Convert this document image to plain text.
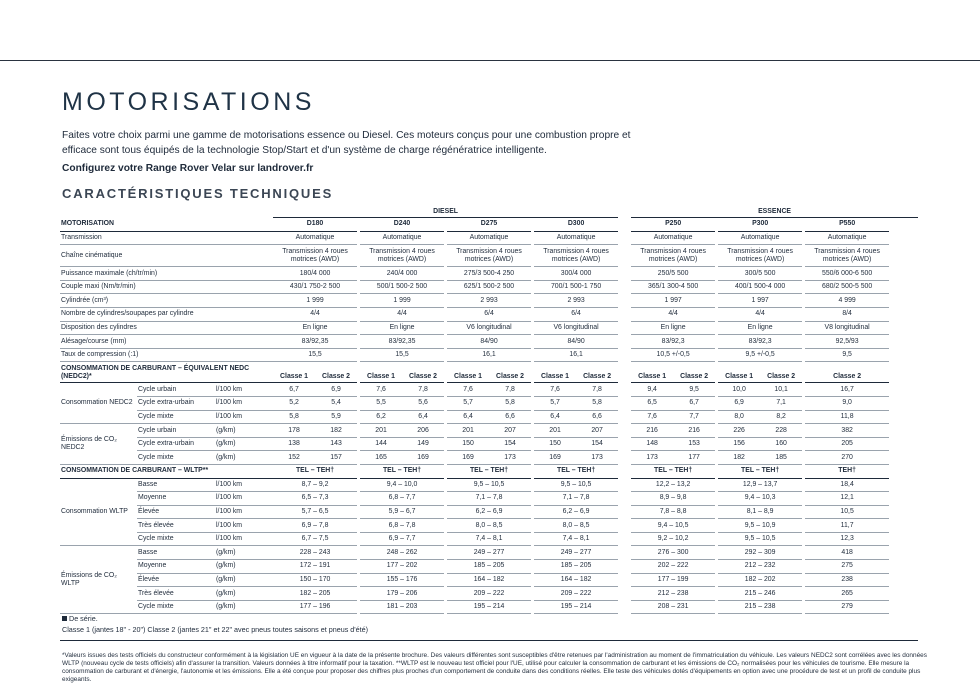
MOTORISATIONS

Faites votre choix parmi une gamme de motorisations essence ou Diesel. Ces moteurs conçus pour une combustion propre et efficace sont tous équipés de la technologie Stop/Start et d'un système de charge régénératrice intelligente.

Configurez votre Range Rover Velar sur landrover.fr

CARACTÉRISTIQUES TECHNIQUES
			DIESEL												ESSENCE						
MOTORISATION			D180			D240			D275			D300			P250			P300			P550
Transmission			Automatique			Automatique			Automatique			Automatique			Automatique			Automatique			Automatique
Chaîne cinématique			Transmission 4 roues motrices (AWD)			Transmission 4 roues motrices (AWD)			Transmission 4 roues motrices (AWD)			Transmission 4 roues motrices (AWD)			Transmission 4 roues motrices (AWD)			Transmission 4 roues motrices (AWD)			Transmission 4 roues motrices (AWD)
Puissance maximale (ch/tr/min)			180/4 000			240/4 000			275/3 500-4 250			300/4 000			250/5 500			300/5 500			550/6 000-6 500
Couple maxi (Nm/tr/min)			430/1 750-2 500			500/1 500-2 500			625/1 500-2 500			700/1 500-1 750			365/1 300-4 500			400/1 500-4 000			680/2 500-5 500
Cylindrée (cm³)			1 999			1 999			2 993			2 993			1 997			1 997			4 999
Nombre de cylindres/soupapes par cylindre			4/4			4/4			6/4			6/4			4/4			4/4			8/4
Disposition des cylindres			En ligne			En ligne			V6 longitudinal			V6 longitudinal			En ligne			En ligne			V8 longitudinal
Alésage/course (mm)			83/92,35			83/92,35			84/90			84/90			83/92,3			83/92,3			92,5/93
Taux de compression (:1)			15,5			15,5			16,1			16,1			10,5 +/-0,5			9,5 +/-0,5			9,5
CONSOMMATION DE CARBURANT – ÉQUIVALENT NEDC (NEDC2)*			Classe 1	Classe 2		Classe 1	Classe 2		Classe 1	Classe 2		Classe 1	Classe 2		Classe 1	Classe 2		Classe 1	Classe 2		Classe 2
Consommation NEDC2	Cycle urbain	l/100 km	6,7	6,9		7,6	7,8		7,6	7,8		7,6	7,8		9,4	9,5		10,0	10,1		16,7
	Cycle extra-urbain	l/100 km	5,2	5,4		5,5	5,6		5,7	5,8		5,7	5,8		6,5	6,7		6,9	7,1		9,0
	Cycle mixte	l/100 km	5,8	5,9		6,2	6,4		6,4	6,6		6,4	6,6		7,6	7,7		8,0	8,2		11,8
Émissions de CO₂ NEDC2	Cycle urbain	(g/km)	178	182		201	206		201	207		201	207		216	216		226	228		382
	Cycle extra-urbain	(g/km)	138	143		144	149		150	154		150	154		148	153		156	160		205
	Cycle mixte	(g/km)	152	157		165	169		169	173		169	173		173	177		182	185		270
CONSOMMATION DE CARBURANT – WLTP**			TEL – TEH†			TEL – TEH†			TEL – TEH†			TEL – TEH†			TEL – TEH†			TEL – TEH†			TEH†
Consommation WLTP	Basse	l/100 km	8,7 – 9,2			9,4 – 10,0			9,5 – 10,5			9,5 – 10,5			12,2 – 13,2			12,9 – 13,7			18,4
	Moyenne	l/100 km	6,5 – 7,3			6,8 – 7,7			7,1 – 7,8			7,1 – 7,8			8,9 – 9,8			9,4 – 10,3			12,1
	Élevée	l/100 km	5,7 – 6,5			5,9 – 6,7			6,2 – 6,9			6,2 – 6,9			7,8 – 8,8			8,1 – 8,9			10,5
	Très élevée	l/100 km	6,9 – 7,8			6,8 – 7,8			8,0 – 8,5			8,0 – 8,5			9,4 – 10,5			9,5 – 10,9			11,7
	Cycle mixte	l/100 km	6,7 – 7,5			6,9 – 7,7			7,4 – 8,1			7,4 – 8,1			9,2 – 10,2			9,5 – 10,5			12,3
Émissions de CO₂ WLTP	Basse	(g/km)	228 – 243			248 – 262			249 – 277			249 – 277			276 – 300			292 – 309			418
	Moyenne	(g/km)	172 – 191			177 – 202			185 – 205			185 – 205			202 – 222			212 – 232			275
	Élevée	(g/km)	150 – 170			155 – 176			164 – 182			164 – 182			177 – 199			182 – 202			238
	Très élevée	(g/km)	182 – 205			179 – 206			209 – 222			209 – 222			212 – 238			215 – 246			265
	Cycle mixte	(g/km)	177 – 196			181 – 203			195 – 214			195 – 214			208 – 231			215 – 238			279

De série.

Classe 1 (jantes 18" - 20") Classe 2 (jantes 21" et 22" avec pneus toutes saisons et pneus d'été)

*Valeurs issues des tests officiels du constructeur conformément à la législation UE en vigueur à la date de la présente brochure. Des valeurs différentes sont susceptibles d'être retenues par l'administration au moment de l'immatriculation du véhicule. Les valeurs NEDC2 sont corrélées avec les données WLTP (nouveau cycle de tests officiels) afin d'assurer la transition. Valeurs données à titre informatif pour la taxation. **WLTP est le nouveau test officiel pour l'UE, utilisé pour calculer la consommation de carburant et les émissions de CO₂ normalisées pour les véhicules de tourisme. Elle mesure la consommation de carburant et d'énergie, l'autonomie et les émissions. Elle a été conçue pour proposer des chiffres plus proches d'un comportement de conduite dans des conditions réelles. Elle teste des véhicules dotés d'équipements en option avec une procédure de test et un profil de conduite plus exigeants.
